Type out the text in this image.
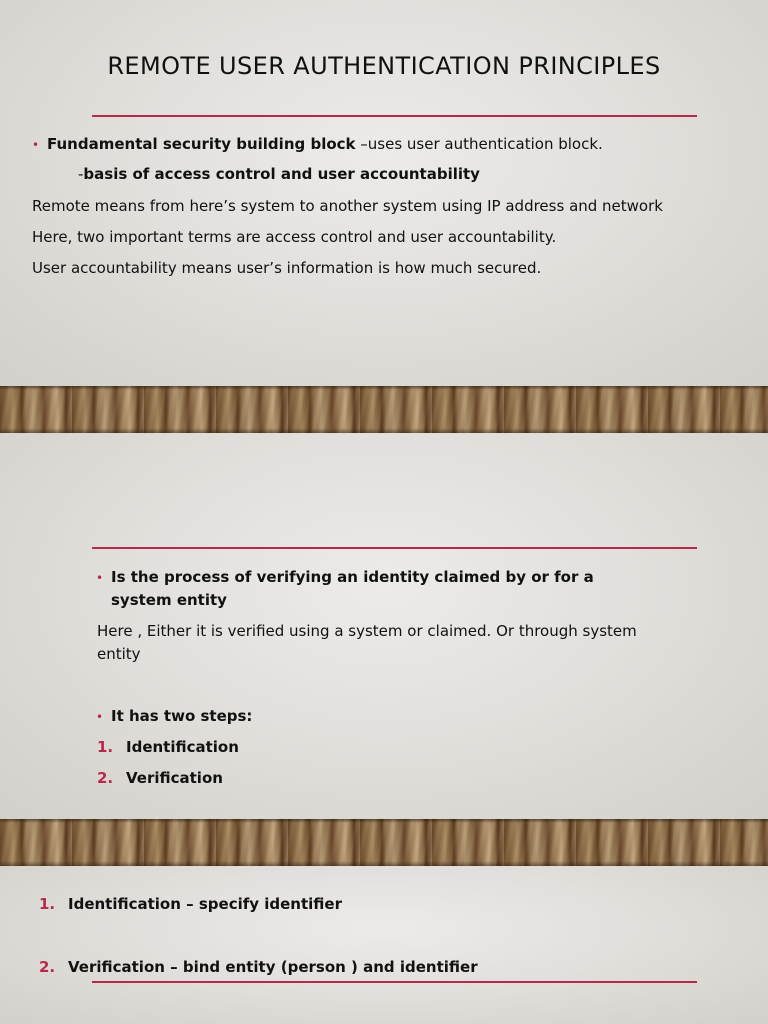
REMOTE USER AUTHENTICATION PRINCIPLES
• Fundamental security building block –uses user authentication block.
-basis of access control and user accountability
Remote means from here’s system to another system using IP address and network
Here, two important terms are access control and user accountability.
User accountability means user’s information is how much secured.
• Is the process of verifying an identity claimed by or for a
system entity
Here , Either it is verified using a system or claimed. Or through system
entity
• It has two steps:
1. Identification
2. Verification
1. Identification – specify identifier
2. Verification – bind entity (person ) and identifier
